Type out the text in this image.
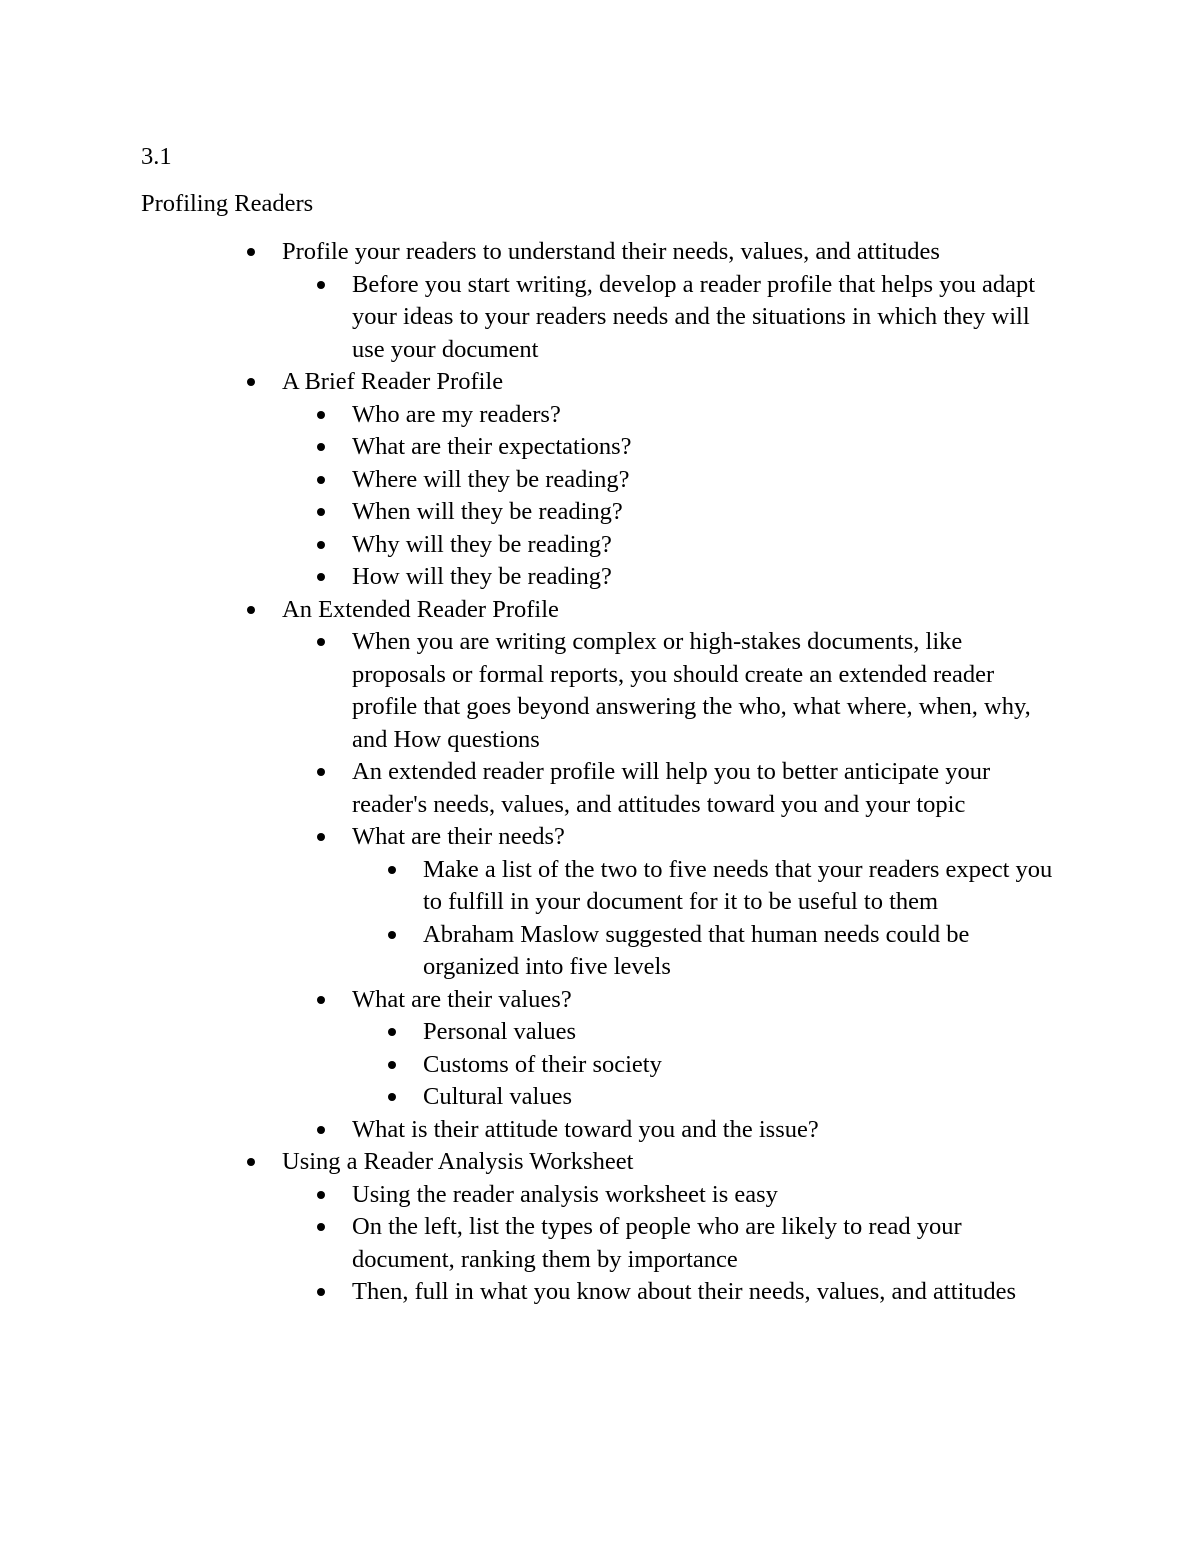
3.1
Profiling Readers
Profile your readers to understand their needs, values, and attitudes
Before you start writing, develop a reader profile that helps you adapt your ideas to your readers needs and the situations in which they will use your document
A Brief Reader Profile
Who are my readers?
What are their expectations?
Where will they be reading?
When will they be reading?
Why will they be reading?
How will they be reading?
An Extended Reader Profile
When you are writing complex or high-stakes documents, like proposals or formal reports, you should create an extended reader profile that goes beyond answering the who, what where, when, why, and How questions
An extended reader profile will help you to better anticipate your reader's needs, values, and attitudes toward you and your topic
What are their needs?
Make a list of the two to five needs that your readers expect you to fulfill in your document for it to be useful to them
Abraham Maslow suggested that human needs could be organized into five levels
What are their values?
Personal values
Customs of their society
Cultural values
What is their attitude toward you and the issue?
Using a Reader Analysis Worksheet
Using the reader analysis worksheet is easy
On the left, list the types of people who are likely to read your document, ranking them by importance
Then, full in what you know about their needs, values, and attitudes
